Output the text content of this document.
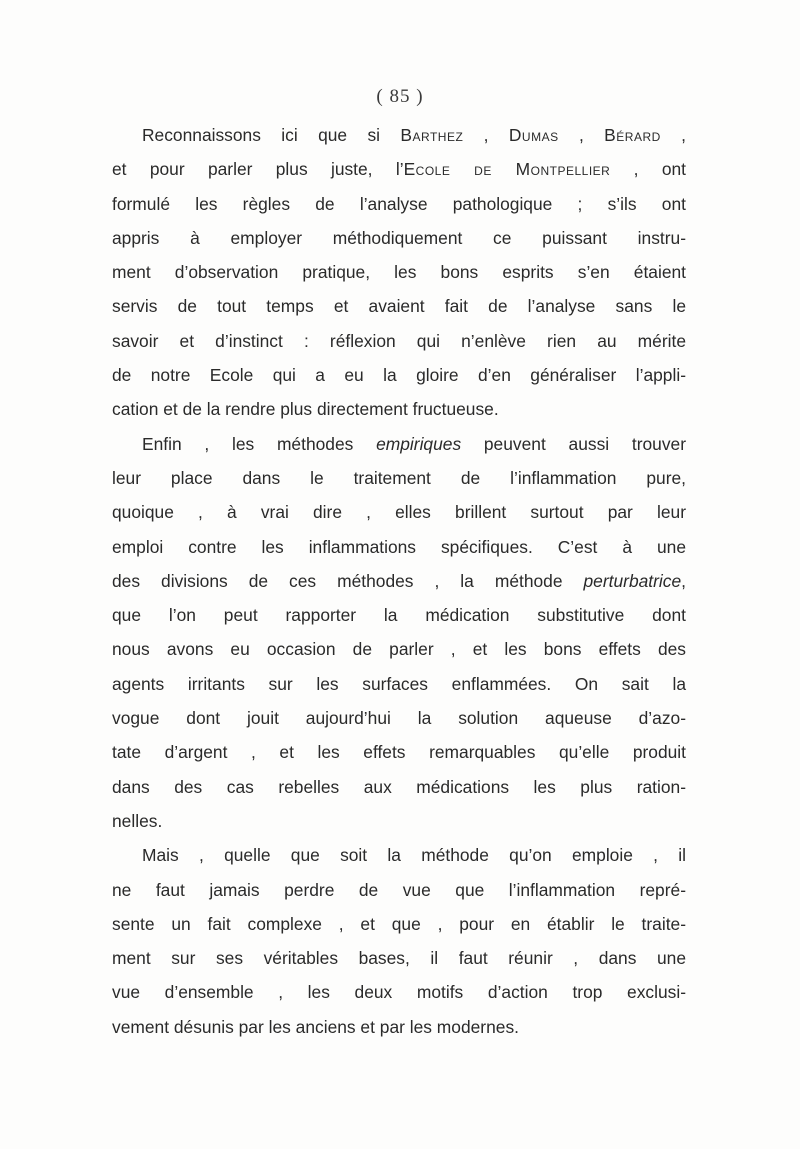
( 85 )
Reconnaissons ici que si Barthez , Dumas , Bérard ,
et pour parler plus juste, l’Ecole de Montpellier , ont
formulé les règles de l’analyse pathologique ; s’ils ont
appris à employer méthodiquement ce puissant instru-
ment d’observation pratique, les bons esprits s’en étaient
servis de tout temps et avaient fait de l’analyse sans le
savoir et d’instinct : réflexion qui n’enlève rien au mérite
de notre Ecole qui a eu la gloire d’en généraliser l’appli-
cation et de la rendre plus directement fructueuse.
Enfin , les méthodes empiriques peuvent aussi trouver
leur place dans le traitement de l’inflammation pure,
quoique , à vrai dire , elles brillent surtout par leur
emploi contre les inflammations spécifiques. C’est à une
des divisions de ces méthodes , la méthode perturbatrice,
que l’on peut rapporter la médication substitutive dont
nous avons eu occasion de parler , et les bons effets des
agents irritants sur les surfaces enflammées. On sait la
vogue dont jouit aujourd’hui la solution aqueuse d’azo-
tate d’argent , et les effets remarquables qu’elle produit
dans des cas rebelles aux médications les plus ration-
nelles.
Mais , quelle que soit la méthode qu’on emploie , il
ne faut jamais perdre de vue que l’inflammation repré-
sente un fait complexe , et que , pour en établir le traite-
ment sur ses véritables bases, il faut réunir , dans une
vue d’ensemble , les deux motifs d’action trop exclusi-
vement désunis par les anciens et par les modernes.
